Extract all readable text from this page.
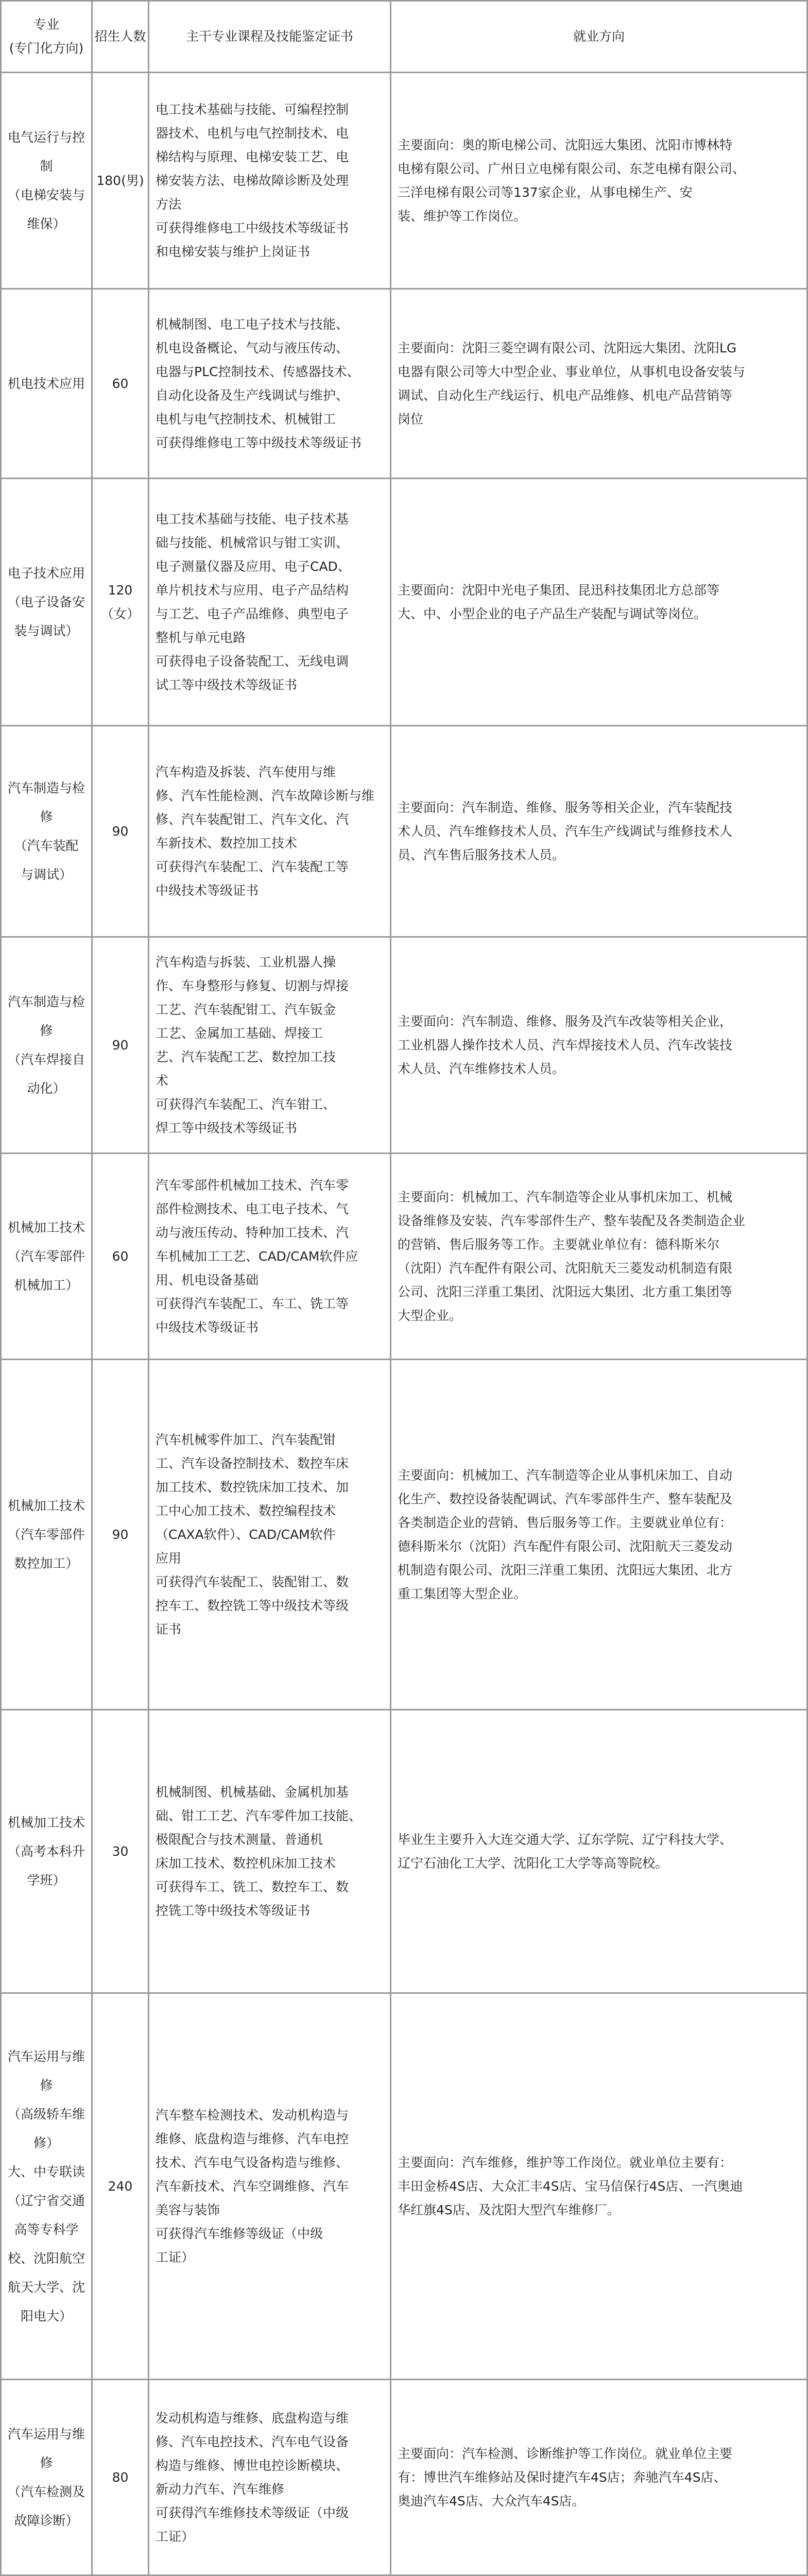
专业
(专门化方向)
招生人数	主干专业课程及技能鉴定证书	就业方向
电气运行与控
制
（电梯安装与
维保）
180(男)
电工技术基础与技能、可编程控制
器技术、电机与电气控制技术、电
梯结构与原理、电梯安装工艺、电
梯安装方法、电梯故障诊断及处理
方法
可获得维修电工中级技术等级证书
和电梯安装与维护上岗证书
主要面向：奥的斯电梯公司、沈阳远大集团、沈阳市博林特
电梯有限公司、广州日立电梯有限公司、东芝电梯有限公司、
三洋电梯有限公司等137家企业，从事电梯生产、安
装、维护等工作岗位。
机电技术应用 60
机械制图、电工电子技术与技能、
机电设备概论、气动与液压传动、
电器与PLC控制技术、传感器技术、
自动化设备及生产线调试与维护、
电机与电气控制技术、机械钳工
可获得维修电工等中级技术等级证书
主要面向：沈阳三菱空调有限公司、沈阳远大集团、沈阳LG
电器有限公司等大中型企业、事业单位，从事机电设备安装与
调试、自动化生产线运行、机电产品维修、机电产品营销等
岗位
电子技术应用
（电子设备安
装与调试）
120
（女）
电工技术基础与技能、电子技术基
础与技能、机械常识与钳工实训、
电子测量仪器及应用、电子CAD、
单片机技术与应用、电子产品结构
与工艺、电子产品维修、典型电子
整机与单元电路
可获得电子设备装配工、无线电调
试工等中级技术等级证书
主要面向：沈阳中光电子集团、昆迅科技集团北方总部等
大、中、小型企业的电子产品生产装配与调试等岗位。
汽车制造与检
修
（汽车装配
与调试）
90
汽车构造及拆装、汽车使用与维
修、汽车性能检测、汽车故障诊断与维
修、汽车装配钳工、汽车文化、汽
车新技术、数控加工技术
可获得汽车装配工、汽车装配工等
中级技术等级证书
主要面向：汽车制造、维修、服务等相关企业，汽车装配技
术人员、汽车维修技术人员、汽车生产线调试与维修技术人
员、汽车售后服务技术人员。
汽车制造与检
修
（汽车焊接自
动化）
90
汽车构造与拆装、工业机器人操
作、车身整形与修复、切割与焊接
工艺、汽车装配钳工、汽车钣金
工艺、金属加工基础、焊接工
艺、汽车装配工艺、数控加工技
术
可获得汽车装配工、汽车钳工、
焊工等中级技术等级证书
主要面向：汽车制造、维修、服务及汽车改装等相关企业，
工业机器人操作技术人员、汽车焊接技术人员、汽车改装技
术人员、汽车维修技术人员。
机械加工技术
（汽车零部件
机械加工）
60
汽车零部件机械加工技术、汽车零
部件检测技术、电工电子技术、气
动与液压传动、特种加工技术、汽
车机械加工工艺、CAD/CAM软件应
用、机电设备基础
可获得汽车装配工、车工、铣工等
中级技术等级证书
主要面向：机械加工、汽车制造等企业从事机床加工、机械
设备维修及安装、汽车零部件生产、整车装配及各类制造企业
的营销、售后服务等工作。主要就业单位有：德科斯米尔
（沈阳）汽车配件有限公司、沈阳航天三菱发动机制造有限
公司、沈阳三洋重工集团、沈阳远大集团、北方重工集团等
大型企业。
机械加工技术
（汽车零部件
数控加工）
90
汽车机械零件加工、汽车装配钳
工、汽车设备控制技术、数控车床
加工技术、数控铣床加工技术、加
工中心加工技术、数控编程技术
（CAXA软件）、CAD/CAM软件
应用
可获得汽车装配工、装配钳工、数
控车工、数控铣工等中级技术等级
证书
主要面向：机械加工、汽车制造等企业从事机床加工、自动
化生产、数控设备装配调试、汽车零部件生产、整车装配及
各类制造企业的营销、售后服务等工作。主要就业单位有：
德科斯米尔（沈阳）汽车配件有限公司、沈阳航天三菱发动
机制造有限公司、沈阳三洋重工集团、沈阳远大集团、北方
重工集团等大型企业。
机械加工技术
（高考本科升
学班）
30
机械制图、机械基础、金属机加基
础、钳工工艺、汽车零件加工技能、
极限配合与技术测量、普通机
床加工技术、数控机床加工技术
可获得车工、铣工、数控车工、数
控铣工等中级技术等级证书
毕业生主要升入大连交通大学、辽东学院、辽宁科技大学、
辽宁石油化工大学、沈阳化工大学等高等院校。
汽车运用与维
修
（高级轿车维
修）
大、中专联读
（辽宁省交通
高等专科学
校、沈阳航空
航天大学、沈
阳电大）
240
汽车整车检测技术、发动机构造与
维修、底盘构造与维修、汽车电控
技术、汽车电气设备构造与维修、
汽车新技术、汽车空调维修、汽车
美容与装饰
可获得汽车维修等级证（中级
工证）
主要面向：汽车维修，维护等工作岗位。就业单位主要有：
丰田金桥4S店、大众汇丰4S店、宝马信保行4S店、一汽奥迪
华红旗4S店、及沈阳大型汽车维修厂。
汽车运用与维
修
（汽车检测及
故障诊断）
80
发动机构造与维修、底盘构造与维
修、汽车电控技术、汽车电气设备
构造与维修、博世电控诊断模块、
新动力汽车、汽车维修
可获得汽车维修技术等级证（中级
工证）
主要面向：汽车检测、诊断维护等工作岗位。就业单位主要
有：博世汽车维修站及保时捷汽车4S店；奔驰汽车4S店、
奥迪汽车4S店、大众汽车4S店。
